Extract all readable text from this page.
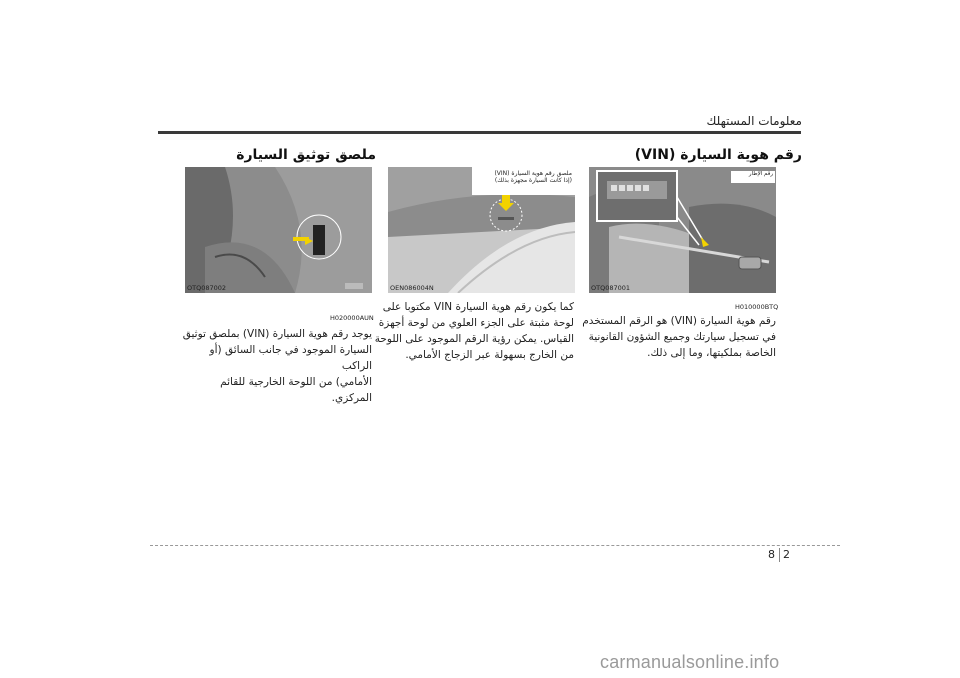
معلومات المستهلك
رقم هوية السيارة (VIN)
ملصق توثيق السيارة
رقم الإطار
OTQ087001
H010000BTQ
رقم هوية السيارة (VIN) هو الرقم المستخدم
في تسجيل سيارتك وجميع الشؤون القانونية
الخاصة بملكيتها، وما إلى ذلك.
ملصق رقم هوية السيارة (VIN)
(إذا كانت السيارة مجهزة بذلك)
OEN086004N
كما يكون رقم هوية السيارة VIN مكتوبا على
لوحة مثبتة على الجزء العلوي من لوحة أجهزة
القياس. يمكن رؤية الرقم الموجود على اللوحة
من الخارج بسهولة عبر الزجاج الأمامي.
OTQ087002
H020000AUN
يوجد رقم هوية السيارة (VIN) بملصق توثيق
السيارة الموجود في جانب السائق (أو الراكب
الأمامي) من اللوحة الخارجية للقائم المركزي.
8 2
carmanualsonline.info
